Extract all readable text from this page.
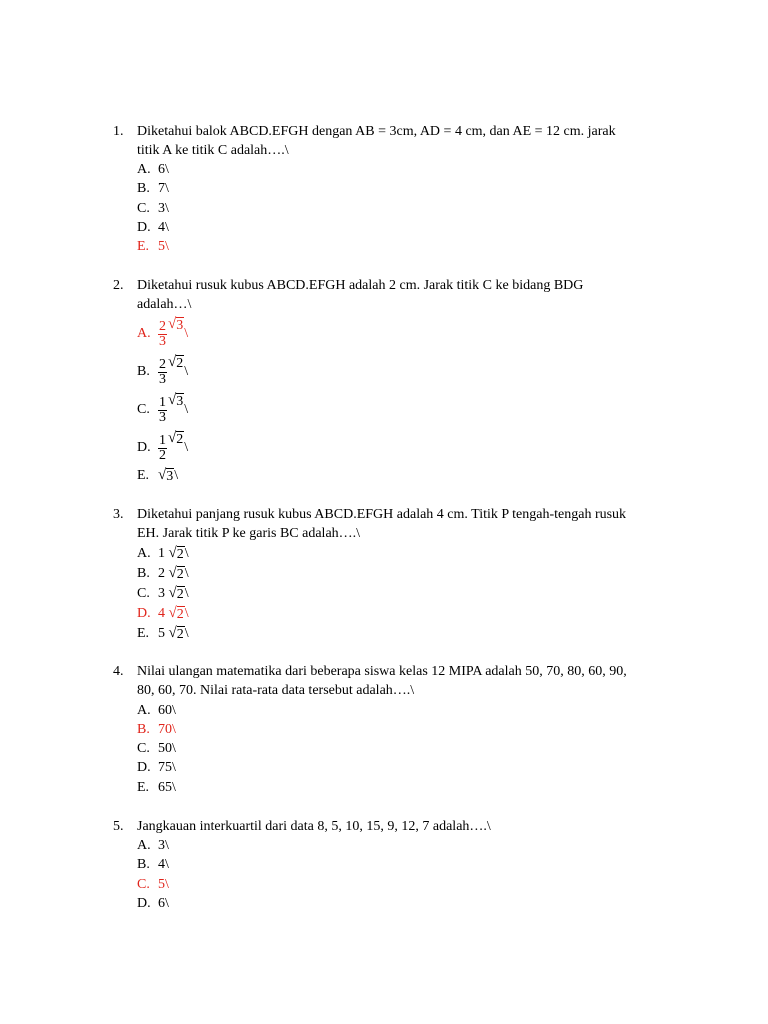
1. Diketahui balok ABCD.EFGH dengan AB = 3cm, AD = 4 cm, dan AE = 12 cm. jarak
titik A ke titik C adalah….\
A. 6\
B. 7\
C. 3\
D. 4\
E. 5\
2. Diketahui rusuk kubus ABCD.EFGH adalah 2 cm. Jarak titik C ke bidang BDG
adalah…\
A. $\frac{2}{3} √3$
\
B. $\frac{2}{3} √2$
\
C. $\frac{1}{3} √3$
\
D. $\frac{1}{2} √2$
\
E. √3\
3. Diketahui panjang rusuk kubus ABCD.EFGH adalah 4 cm. Titik P tengah-tengah rusuk
EH. Jarak titik P ke garis BC adalah….\
A. 1 √2\
B. 2 √2\
C. 3 √2\
D. 4 √2\
E. 5 √2\
4. Nilai ulangan matematika dari beberapa siswa kelas 12 MIPA adalah 50, 70, 80, 60, 90,
80, 60, 70. Nilai rata-rata data tersebut adalah….\
A. 60\
B. 70\
C. 50\
D. 75\
E. 65\
5. Jangkauan interkuartil dari data 8, 5, 10, 15, 9, 12, 7 adalah….\
A. 3\
B. 4\
C. 5\
D. 6\
